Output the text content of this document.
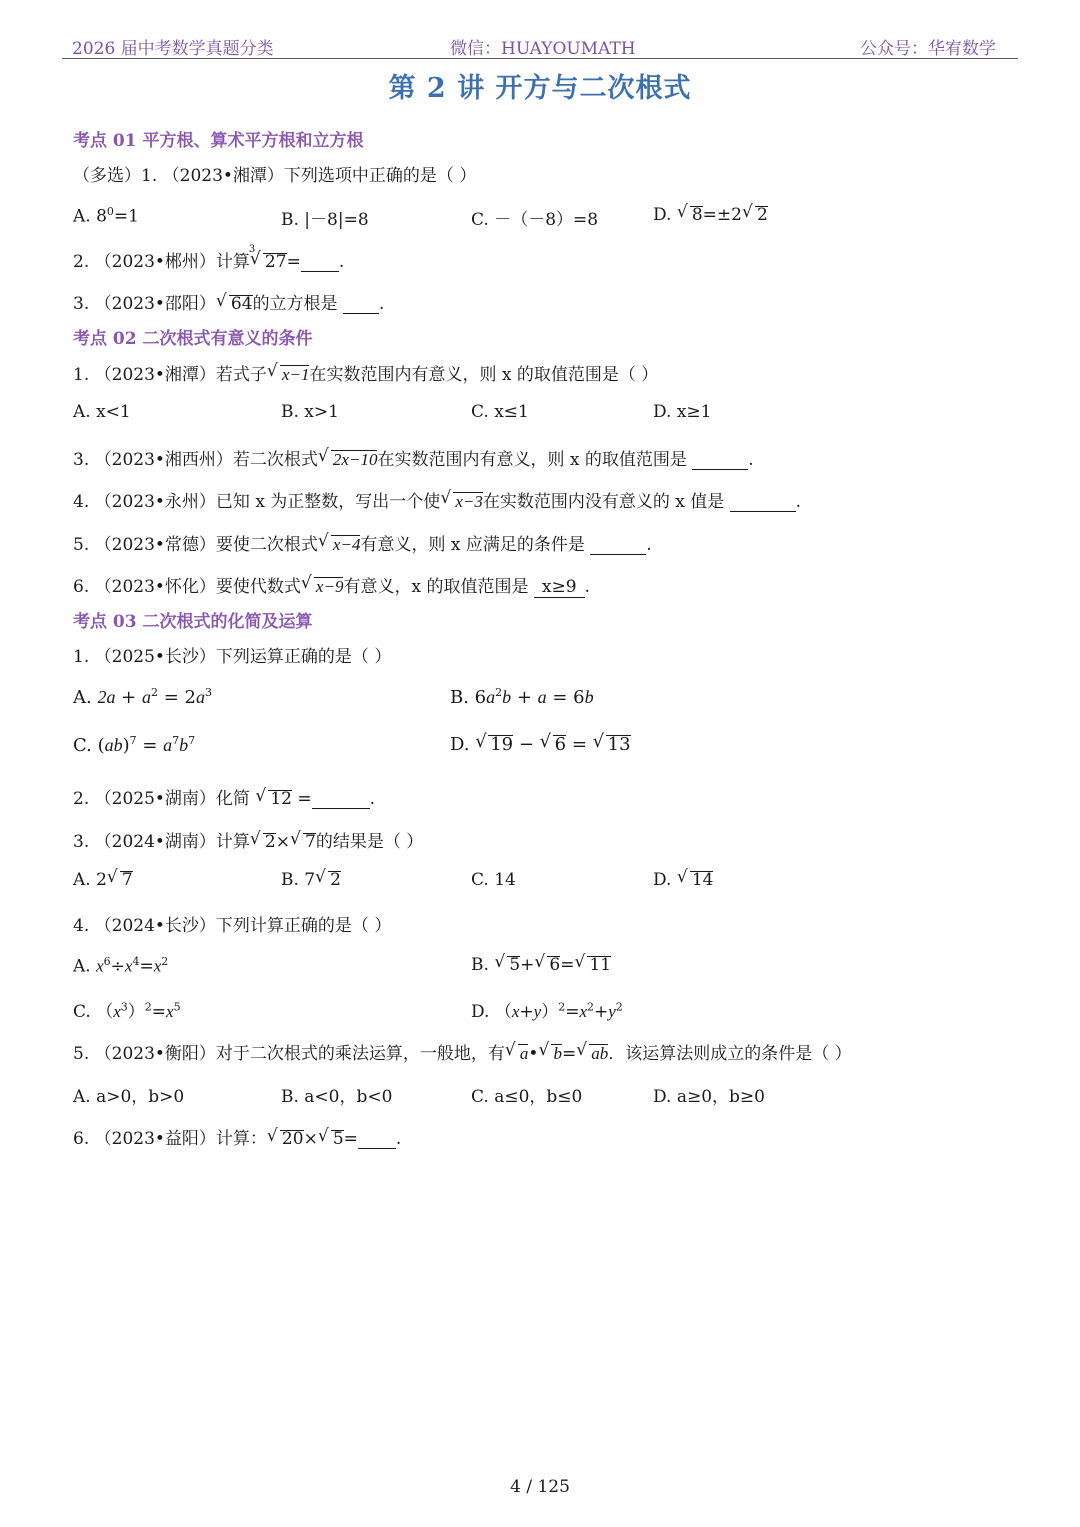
2026 届中考数学真题分类	微信：HUAYOUMATH	公众号：华宥数学
第 2 讲 开方与二次根式
考点 01 平方根、算术平方根和立方根
（多选）1. （2023•湘潭）下列选项中正确的是（ ）
A. $8^0=1$	B. |－8|=8	C. －（－8）=8	D. √ 8=±2 √ 2
2. （2023•郴州）计算
√ 3
27= .
3. （2023•邵阳） √ 64的立方根是 .
考点 02 二次根式有意义的条件
1. （2023•湘潭）若式子 √ x−1在实数范围内有意义，则 x 的取值范围是（ ）
A. x<1	B. x>1	C. x≤1	D. x≥1
3. （2023•湘西州）若二次根式 √ 2x−10在实数范围内有意义，则 x 的取值范围是	.
4. （2023•永州）已知 x 为正整数，写出一个使 √ x−3在实数范围内没有意义的 x 值是	.
5. （2023•常德）要使二次根式 √ x−4有意义，则 x 应满足的条件是	.
6. （2023•怀化）要使代数式 √ x−9有意义，x 的取值范围是 x≥9 .
考点 03 二次根式的化简及运算
1. （2025•长沙）下列运算正确的是（ ）
A. $2a + a^2 = 2a^3$	B. $6a^2b + a = 6b$
C. $(ab)^7 = a^7b^7$	D. √ 19 − √ 6 = √ 13
2. （2025•湖南）化简 √ 12 =	.
3. （2024•湖南）计算 √ 2× √ 7的结果是（ ）
A. 2 √ 7	B. 7 √ 2	C. 14	D. √ 14
4. （2024•长沙）下列计算正确的是（ ）
A. $x^6\div x^4=x^2$	B. √ 5+ √ 6= √ 11
C. $(x^3)^2=x^5$	D. $(x+y)^2=x^2+y^2$
5. （2023•衡阳）对于二次根式的乘法运算，一般地，有 √ a• √ b= √ ab．该运算法则成立的条件是（ ）
A. a>0，b>0	B. a<0，b<0	C. a≤0，b≤0	D. a≥0，b≥0
6. （2023•益阳）计算： √ 20× √ 5= .
4 / 125
